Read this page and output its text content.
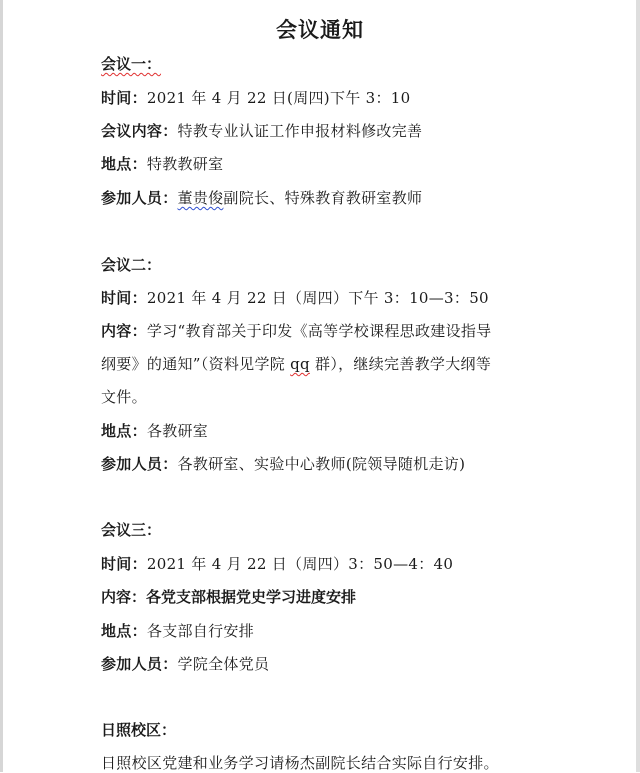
会议通知
会议一：
时间：2021 年 4 月 22 日(周四)下午 3：10
会议内容：特教专业认证工作申报材料修改完善
地点：特教教研室
参加人员：董贵俊副院长、特殊教育教研室教师
会议二：
时间：2021 年 4 月 22 日（周四）下午 3：10—3：50
内容：学习“教育部关于印发《高等学校课程思政建设指导
纲要》的通知”（资料见学院 qq 群），继续完善教学大纲等
文件。
地点：各教研室
参加人员：各教研室、实验中心教师(院领导随机走访)
会议三：
时间：2021 年 4 月 22 日（周四）3：50—4：40
内容：各党支部根据党史学习进度安排
地点：各支部自行安排
参加人员：学院全体党员
日照校区：
日照校区党建和业务学习请杨杰副院长结合实际自行安排。
